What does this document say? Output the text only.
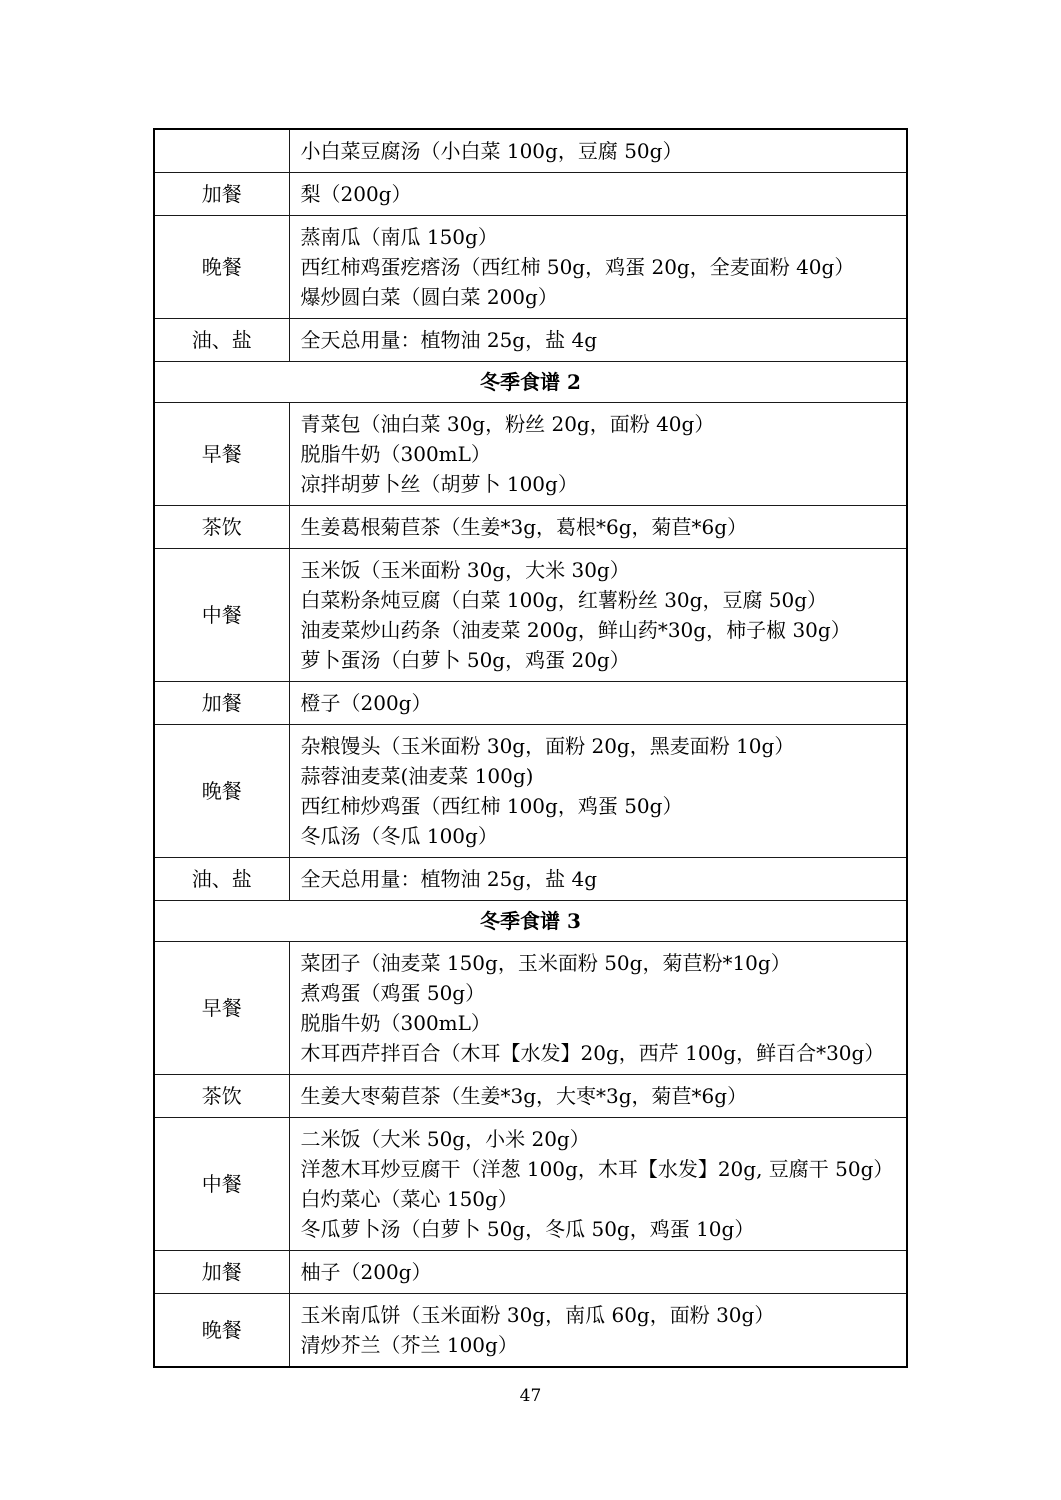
	小白菜豆腐汤（小白菜 100g，豆腐 50g）

加餐	梨（200g）

晚餐	蒸南瓜（南瓜 150g）
西红柿鸡蛋疙瘩汤（西红柿 50g，鸡蛋 20g，全麦面粉 40g）
爆炒圆白菜（圆白菜 200g）

油、盐	全天总用量：植物油 25g，盐 4g

冬季食谱 2	
早餐	青菜包（油白菜 30g，粉丝 20g，面粉 40g）
脱脂牛奶（300mL）
凉拌胡萝卜丝（胡萝卜 100g）

茶饮	生姜葛根菊苣茶（生姜*3g，葛根*6g，菊苣*6g）

中餐	玉米饭（玉米面粉 30g，大米 30g）
白菜粉条炖豆腐（白菜 100g，红薯粉丝 30g，豆腐 50g）
油麦菜炒山药条（油麦菜 200g，鲜山药*30g，柿子椒 30g）
萝卜蛋汤（白萝卜 50g，鸡蛋 20g）

加餐	橙子（200g）

晚餐	杂粮馒头（玉米面粉 30g，面粉 20g，黑麦面粉 10g）
蒜蓉油麦菜(油麦菜 100g)
西红柿炒鸡蛋（西红柿 100g，鸡蛋 50g）
冬瓜汤（冬瓜 100g）

油、盐	全天总用量：植物油 25g，盐 4g

冬季食谱 3	
早餐	菜团子（油麦菜 150g，玉米面粉 50g，菊苣粉*10g）
煮鸡蛋（鸡蛋 50g）
脱脂牛奶（300mL）
木耳西芹拌百合（木耳【水发】20g，西芹 100g，鲜百合*30g）

茶饮	生姜大枣菊苣茶（生姜*3g，大枣*3g，菊苣*6g）

中餐	二米饭（大米 50g，小米 20g）
洋葱木耳炒豆腐干（洋葱 100g，木耳【水发】20g, 豆腐干 50g）
白灼菜心（菜心 150g）
冬瓜萝卜汤（白萝卜 50g，冬瓜 50g，鸡蛋 10g）

加餐	柚子（200g）

晚餐	玉米南瓜饼（玉米面粉 30g，南瓜 60g，面粉 30g）
清炒芥兰（芥兰 100g）
47
